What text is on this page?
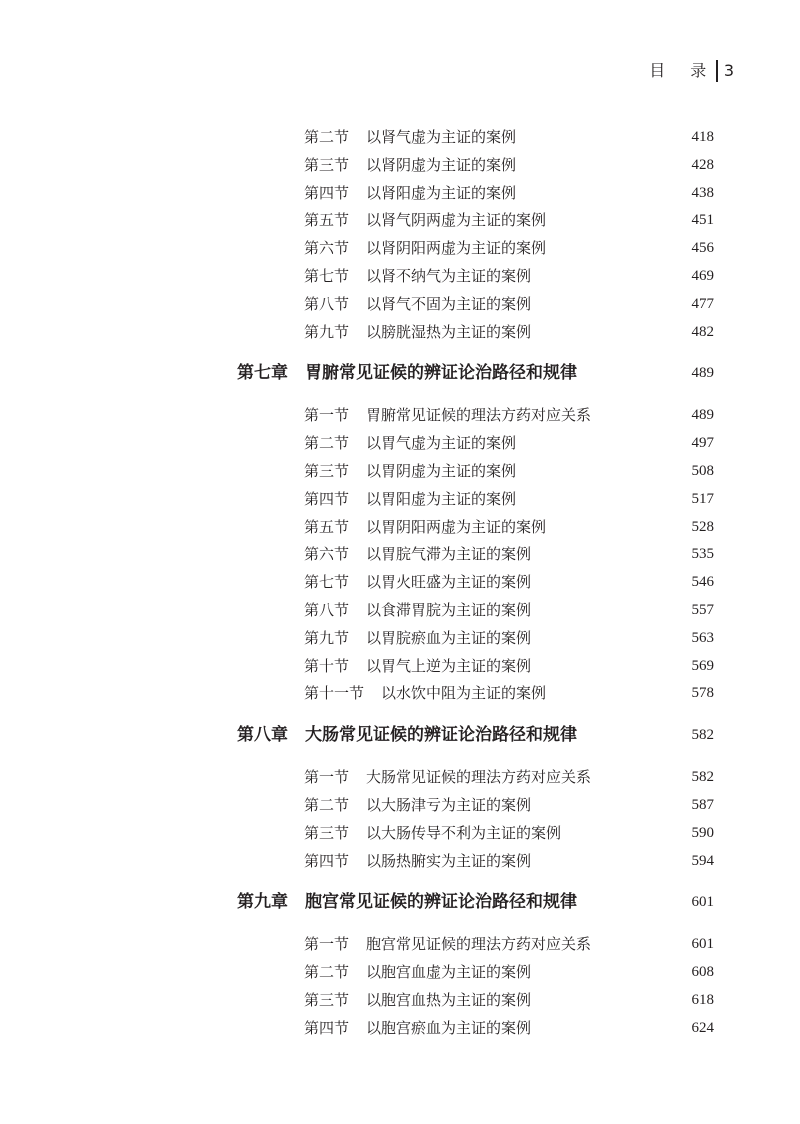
目 录 3
第二节	以肾气虚为主证的案例	418
第三节	以肾阴虚为主证的案例	428
第四节	以肾阳虚为主证的案例	438
第五节	以肾气阴两虚为主证的案例	451
第六节	以肾阴阳两虚为主证的案例	456
第七节	以肾不纳气为主证的案例	469
第八节	以肾气不固为主证的案例	477
第九节	以膀胱湿热为主证的案例	482
第七章 胃腑常见证候的辨证论治路径和规律	489
第一节	胃腑常见证候的理法方药对应关系	489
第二节	以胃气虚为主证的案例	497
第三节	以胃阴虚为主证的案例	508
第四节	以胃阳虚为主证的案例	517
第五节	以胃阴阳两虚为主证的案例	528
第六节	以胃脘气滞为主证的案例	535
第七节	以胃火旺盛为主证的案例	546
第八节	以食滞胃脘为主证的案例	557
第九节	以胃脘瘀血为主证的案例	563
第十节	以胃气上逆为主证的案例	569
第十一节 以水饮中阻为主证的案例	578
第八章 大肠常见证候的辨证论治路径和规律	582
第一节	大肠常见证候的理法方药对应关系	582
第二节	以大肠津亏为主证的案例	587
第三节	以大肠传导不利为主证的案例	590
第四节	以肠热腑实为主证的案例	594
第九章 胞宫常见证候的辨证论治路径和规律	601
第一节	胞宫常见证候的理法方药对应关系	601
第二节	以胞宫血虚为主证的案例	608
第三节	以胞宫血热为主证的案例	618
第四节	以胞宫瘀血为主证的案例	624
